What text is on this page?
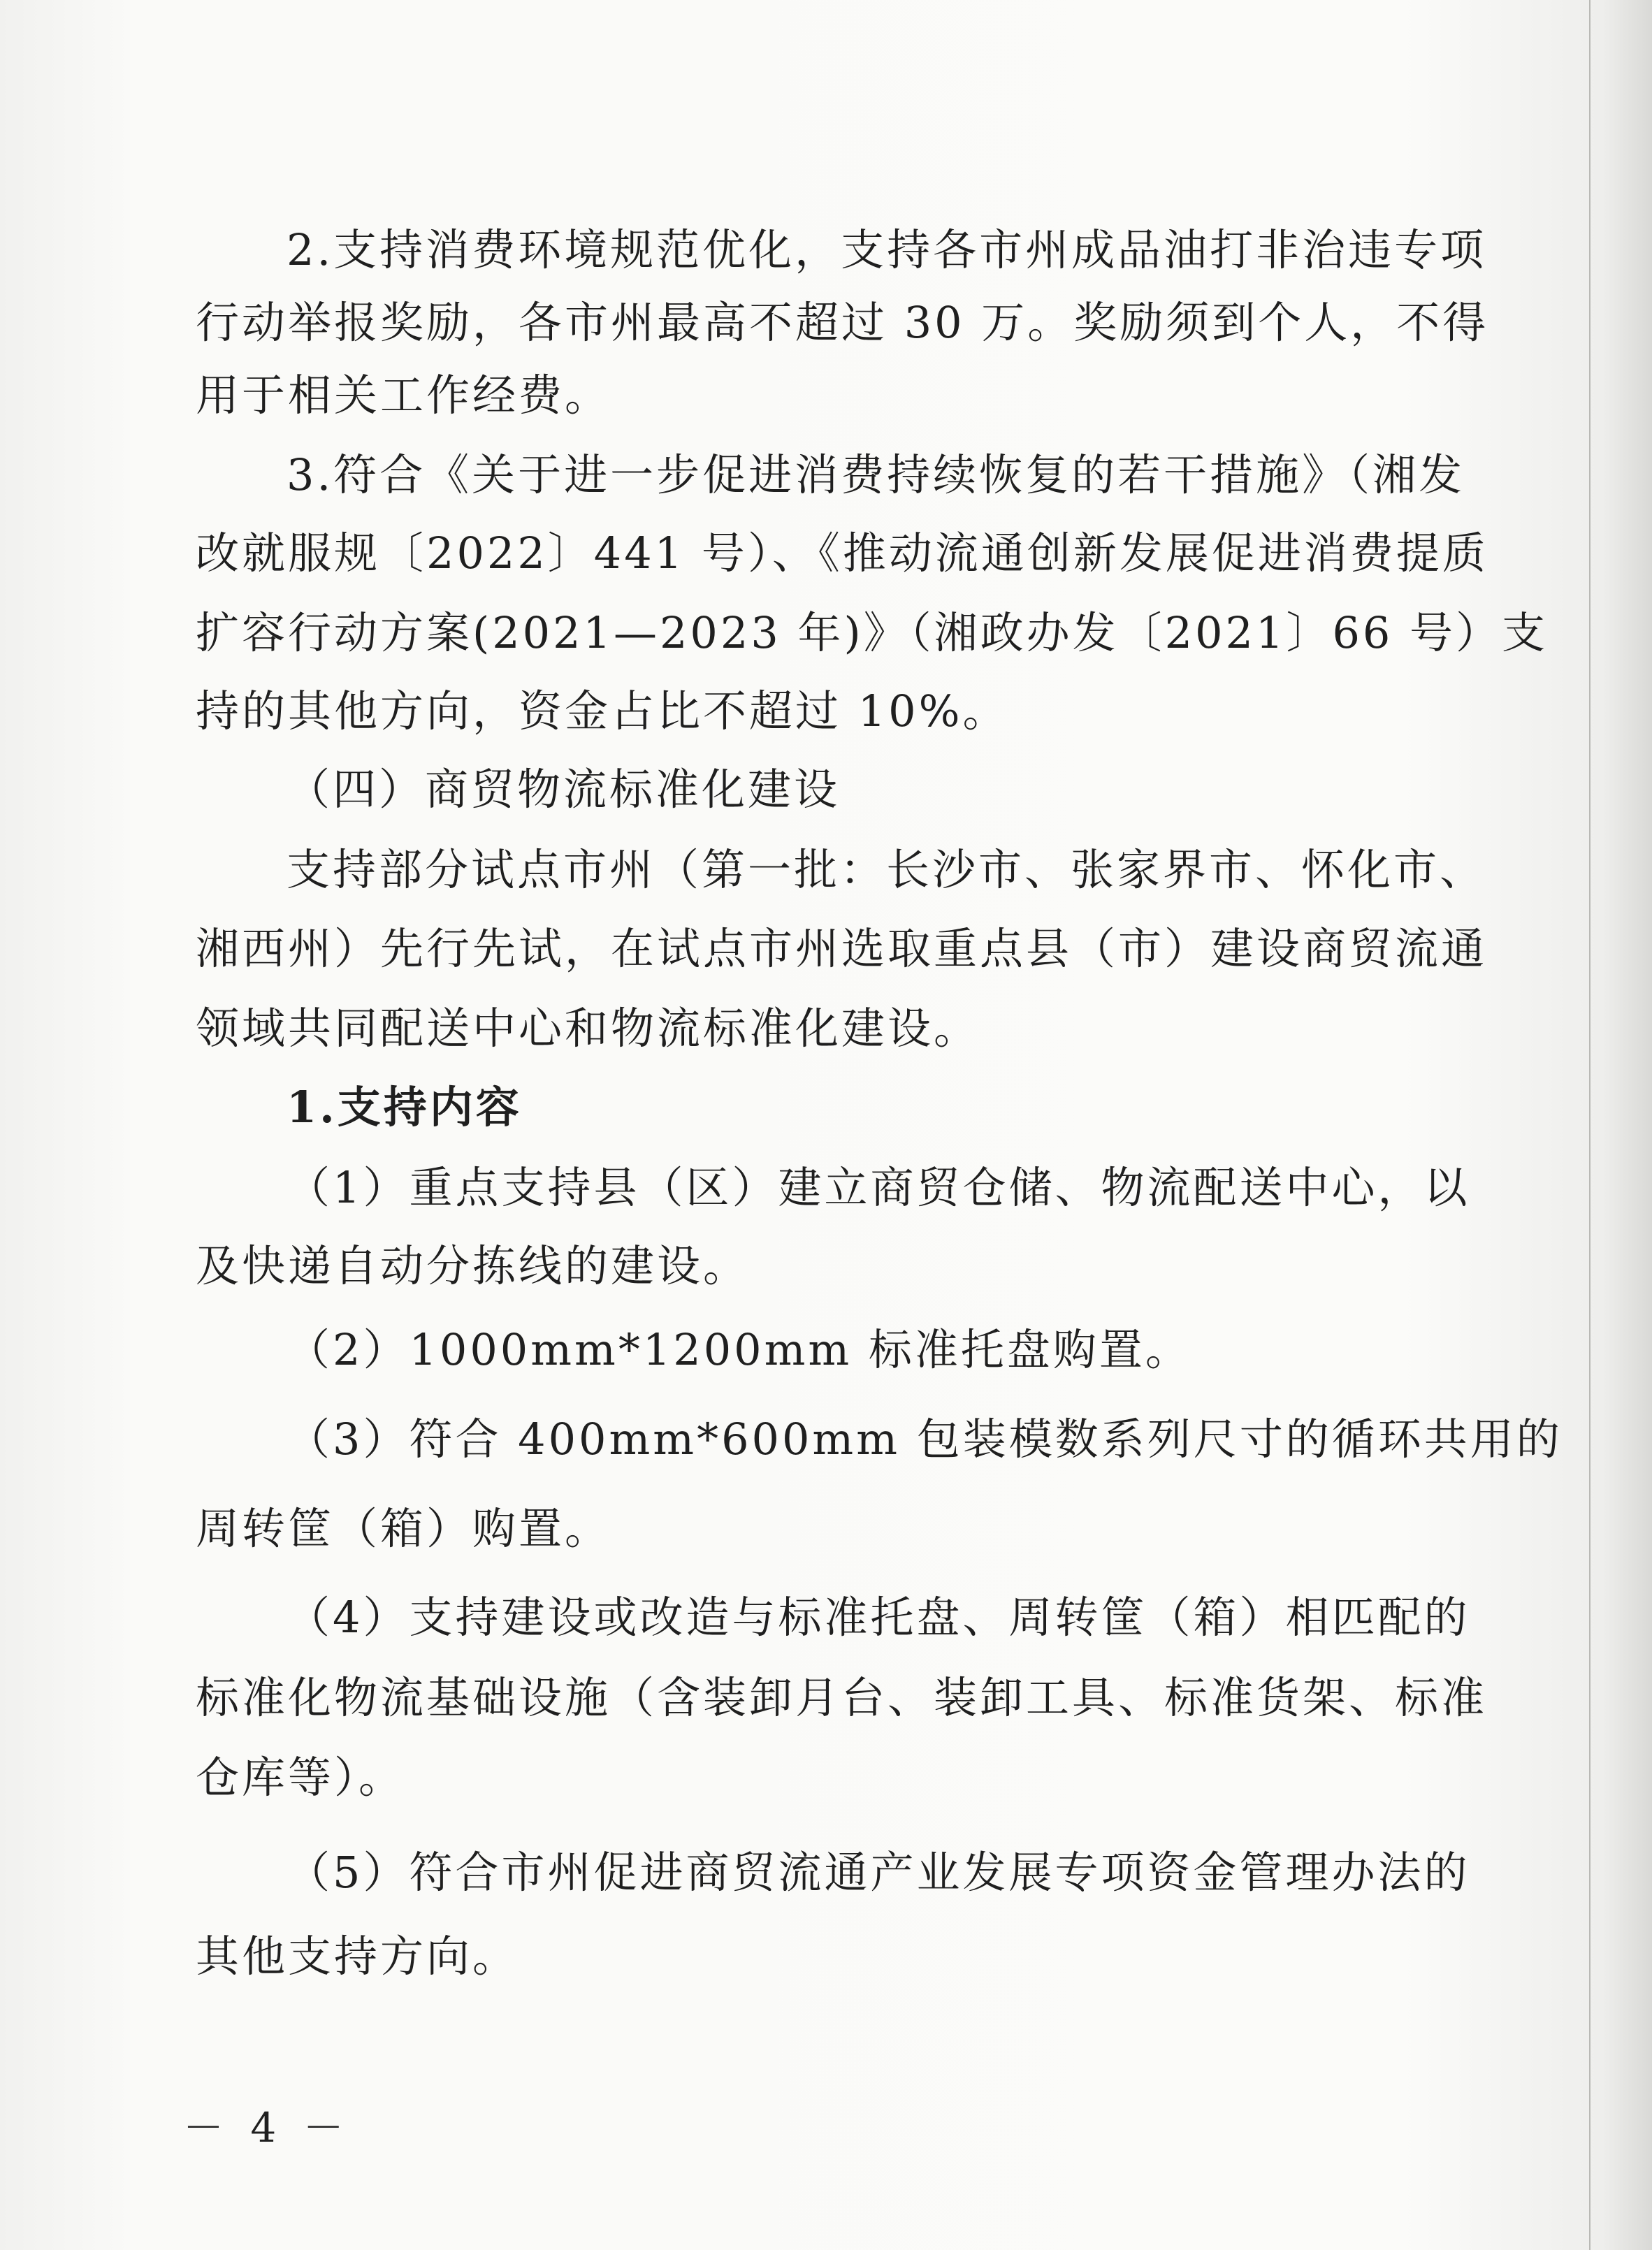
2.支持消费环境规范优化，支持各市州成品油打非治违专项
行动举报奖励，各市州最高不超过 30 万。奖励须到个人，不得
用于相关工作经费。
3.符合《关于进一步促进消费持续恢复的若干措施》（湘发
改就服规〔2022〕441 号）、《推动流通创新发展促进消费提质
扩容行动方案(2021—2023 年)》（湘政办发〔2021〕66 号）支
持的其他方向，资金占比不超过 10%。
（四）商贸物流标准化建设
支持部分试点市州（第一批：长沙市、张家界市、怀化市、
湘西州）先行先试，在试点市州选取重点县（市）建设商贸流通
领域共同配送中心和物流标准化建设。
1.支持内容
（1）重点支持县（区）建立商贸仓储、物流配送中心，以
及快递自动分拣线的建设。
（2）1000mm*1200mm 标准托盘购置。
（3）符合 400mm*600mm 包装模数系列尺寸的循环共用的
周转筐（箱）购置。
（4）支持建设或改造与标准托盘、周转筐（箱）相匹配的
标准化物流基础设施（含装卸月台、装卸工具、标准货架、标准
仓库等）。
（5）符合市州促进商贸流通产业发展专项资金管理办法的
其他支持方向。
－ 4 －
